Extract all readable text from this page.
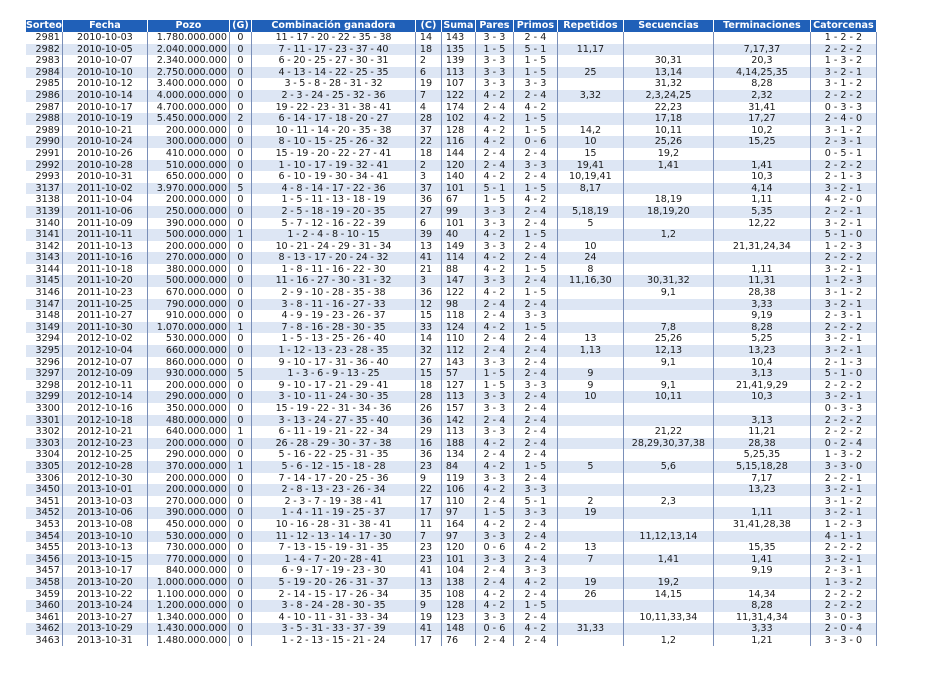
Sorteo	Fecha	Pozo	(G)	Combinación ganadora	(C)	Suma	Pares	Primos	Repetidos	Secuencias	Terminaciones	Catorcenas
2981	2010-10-03	1.780.000.000	0	11 - 17 - 20 - 22 - 35 - 38	14	143	3 - 3	2 - 4				1 - 2 - 2
2982	2010-10-05	2.040.000.000	0	7 - 11 - 17 - 23 - 37 - 40	18	135	1 - 5	5 - 1	11,17		7,17,37	2 - 2 - 2
2983	2010-10-07	2.340.000.000	0	6 - 20 - 25 - 27 - 30 - 31	2	139	3 - 3	1 - 5		30,31	20,3	1 - 3 - 2
2984	2010-10-10	2.750.000.000	0	4 - 13 - 14 - 22 - 25 - 35	6	113	3 - 3	1 - 5	25	13,14	4,14,25,35	3 - 2 - 1
2985	2010-10-12	3.400.000.000	0	3 - 5 - 8 - 28 - 31 - 32	19	107	3 - 3	3 - 3		31,32	8,28	3 - 1 - 2
2986	2010-10-14	4.000.000.000	0	2 - 3 - 24 - 25 - 32 - 36	7	122	4 - 2	2 - 4	3,32	2,3,24,25	2,32	2 - 2 - 2
2987	2010-10-17	4.700.000.000	0	19 - 22 - 23 - 31 - 38 - 41	4	174	2 - 4	4 - 2		22,23	31,41	0 - 3 - 3
2988	2010-10-19	5.450.000.000	2	6 - 14 - 17 - 18 - 20 - 27	28	102	4 - 2	1 - 5		17,18	17,27	2 - 4 - 0
2989	2010-10-21	200.000.000	0	10 - 11 - 14 - 20 - 35 - 38	37	128	4 - 2	1 - 5	14,2	10,11	10,2	3 - 1 - 2
2990	2010-10-24	300.000.000	0	8 - 10 - 15 - 25 - 26 - 32	22	116	4 - 2	0 - 6	10	25,26	15,25	2 - 3 - 1
2991	2010-10-26	410.000.000	0	15 - 19 - 20 - 22 - 27 - 41	18	144	2 - 4	2 - 4	15	19,2		0 - 5 - 1
2992	2010-10-28	510.000.000	0	1 - 10 - 17 - 19 - 32 - 41	2	120	2 - 4	3 - 3	19,41	1,41	1,41	2 - 2 - 2
2993	2010-10-31	650.000.000	0	6 - 10 - 19 - 30 - 34 - 41	3	140	4 - 2	2 - 4	10,19,41		10,3	2 - 1 - 3
3137	2011-10-02	3.970.000.000	5	4 - 8 - 14 - 17 - 22 - 36	37	101	5 - 1	1 - 5	8,17		4,14	3 - 2 - 1
3138	2011-10-04	200.000.000	0	1 - 5 - 11 - 13 - 18 - 19	36	67	1 - 5	4 - 2		18,19	1,11	4 - 2 - 0
3139	2011-10-06	250.000.000	0	2 - 5 - 18 - 19 - 20 - 35	27	99	3 - 3	2 - 4	5,18,19	18,19,20	5,35	2 - 2 - 1
3140	2011-10-09	390.000.000	0	5 - 7 - 12 - 16 - 22 - 39	6	101	3 - 3	2 - 4	5		12,22	3 - 2 - 1
3141	2011-10-11	500.000.000	1	1 - 2 - 4 - 8 - 10 - 15	39	40	4 - 2	1 - 5		1,2		5 - 1 - 0
3142	2011-10-13	200.000.000	0	10 - 21 - 24 - 29 - 31 - 34	13	149	3 - 3	2 - 4	10		21,31,24,34	1 - 2 - 3
3143	2011-10-16	270.000.000	0	8 - 13 - 17 - 20 - 24 - 32	41	114	4 - 2	2 - 4	24			2 - 2 - 2
3144	2011-10-18	380.000.000	0	1 - 8 - 11 - 16 - 22 - 30	21	88	4 - 2	1 - 5	8		1,11	3 - 2 - 1
3145	2011-10-20	500.000.000	0	11 - 16 - 27 - 30 - 31 - 32	3	147	3 - 3	2 - 4	11,16,30	30,31,32	11,31	1 - 2 - 3
3146	2011-10-23	670.000.000	0	2 - 9 - 10 - 28 - 35 - 38	36	122	4 - 2	1 - 5		9,1	28,38	3 - 1 - 2
3147	2011-10-25	790.000.000	0	3 - 8 - 11 - 16 - 27 - 33	12	98	2 - 4	2 - 4			3,33	3 - 2 - 1
3148	2011-10-27	910.000.000	0	4 - 9 - 19 - 23 - 26 - 37	15	118	2 - 4	3 - 3			9,19	2 - 3 - 1
3149	2011-10-30	1.070.000.000	1	7 - 8 - 16 - 28 - 30 - 35	33	124	4 - 2	1 - 5		7,8	8,28	2 - 2 - 2
3294	2012-10-02	530.000.000	0	1 - 5 - 13 - 25 - 26 - 40	14	110	2 - 4	2 - 4	13	25,26	5,25	3 - 2 - 1
3295	2012-10-04	660.000.000	0	1 - 12 - 13 - 23 - 28 - 35	32	112	2 - 4	2 - 4	1,13	12,13	13,23	3 - 2 - 1
3296	2012-10-07	860.000.000	0	9 - 10 - 17 - 31 - 36 - 40	27	143	3 - 3	2 - 4		9,1	10,4	2 - 1 - 3
3297	2012-10-09	930.000.000	5	1 - 3 - 6 - 9 - 13 - 25	15	57	1 - 5	2 - 4	9		3,13	5 - 1 - 0
3298	2012-10-11	200.000.000	0	9 - 10 - 17 - 21 - 29 - 41	18	127	1 - 5	3 - 3	9	9,1	21,41,9,29	2 - 2 - 2
3299	2012-10-14	290.000.000	0	3 - 10 - 11 - 24 - 30 - 35	28	113	3 - 3	2 - 4	10	10,11	10,3	3 - 2 - 1
3300	2012-10-16	350.000.000	0	15 - 19 - 22 - 31 - 34 - 36	26	157	3 - 3	2 - 4				0 - 3 - 3
3301	2012-10-18	480.000.000	0	3 - 13 - 24 - 27 - 35 - 40	36	142	2 - 4	2 - 4			3,13	2 - 2 - 2
3302	2012-10-21	640.000.000	1	6 - 11 - 19 - 21 - 22 - 34	29	113	3 - 3	2 - 4		21,22	11,21	2 - 2 - 2
3303	2012-10-23	200.000.000	0	26 - 28 - 29 - 30 - 37 - 38	16	188	4 - 2	2 - 4		28,29,30,37,38	28,38	0 - 2 - 4
3304	2012-10-25	290.000.000	0	5 - 16 - 22 - 25 - 31 - 35	36	134	2 - 4	2 - 4			5,25,35	1 - 3 - 2
3305	2012-10-28	370.000.000	1	5 - 6 - 12 - 15 - 18 - 28	23	84	4 - 2	1 - 5	5	5,6	5,15,18,28	3 - 3 - 0
3306	2012-10-30	200.000.000	0	7 - 14 - 17 - 20 - 25 - 36	9	119	3 - 3	2 - 4			7,17	2 - 2 - 1
3450	2013-10-01	200.000.000	0	2 - 8 - 13 - 23 - 26 - 34	22	106	4 - 2	3 - 3			13,23	3 - 2 - 1
3451	2013-10-03	270.000.000	0	2 - 3 - 7 - 19 - 38 - 41	17	110	2 - 4	5 - 1	2	2,3		3 - 1 - 2
3452	2013-10-06	390.000.000	0	1 - 4 - 11 - 19 - 25 - 37	17	97	1 - 5	3 - 3	19		1,11	3 - 2 - 1
3453	2013-10-08	450.000.000	0	10 - 16 - 28 - 31 - 38 - 41	11	164	4 - 2	2 - 4			31,41,28,38	1 - 2 - 3
3454	2013-10-10	530.000.000	0	11 - 12 - 13 - 14 - 17 - 30	7	97	3 - 3	2 - 4		11,12,13,14		4 - 1 - 1
3455	2013-10-13	730.000.000	0	7 - 13 - 15 - 19 - 31 - 35	23	120	0 - 6	4 - 2	13		15,35	2 - 2 - 2
3456	2013-10-15	770.000.000	0	1 - 4 - 7 - 20 - 28 - 41	23	101	3 - 3	2 - 4	7	1,41	1,41	3 - 2 - 1
3457	2013-10-17	840.000.000	0	6 - 9 - 17 - 19 - 23 - 30	41	104	2 - 4	3 - 3			9,19	2 - 3 - 1
3458	2013-10-20	1.000.000.000	0	5 - 19 - 20 - 26 - 31 - 37	13	138	2 - 4	4 - 2	19	19,2		1 - 3 - 2
3459	2013-10-22	1.100.000.000	0	2 - 14 - 15 - 17 - 26 - 34	35	108	4 - 2	2 - 4	26	14,15	14,34	2 - 2 - 2
3460	2013-10-24	1.200.000.000	0	3 - 8 - 24 - 28 - 30 - 35	9	128	4 - 2	1 - 5			8,28	2 - 2 - 2
3461	2013-10-27	1.340.000.000	0	4 - 10 - 11 - 31 - 33 - 34	19	123	3 - 3	2 - 4		10,11,33,34	11,31,4,34	3 - 0 - 3
3462	2013-10-29	1.430.000.000	0	3 - 5 - 31 - 33 - 37 - 39	41	148	0 - 6	4 - 2	31,33		3,33	2 - 0 - 4
3463	2013-10-31	1.480.000.000	0	1 - 2 - 13 - 15 - 21 - 24	17	76	2 - 4	2 - 4		1,2	1,21	3 - 3 - 0
